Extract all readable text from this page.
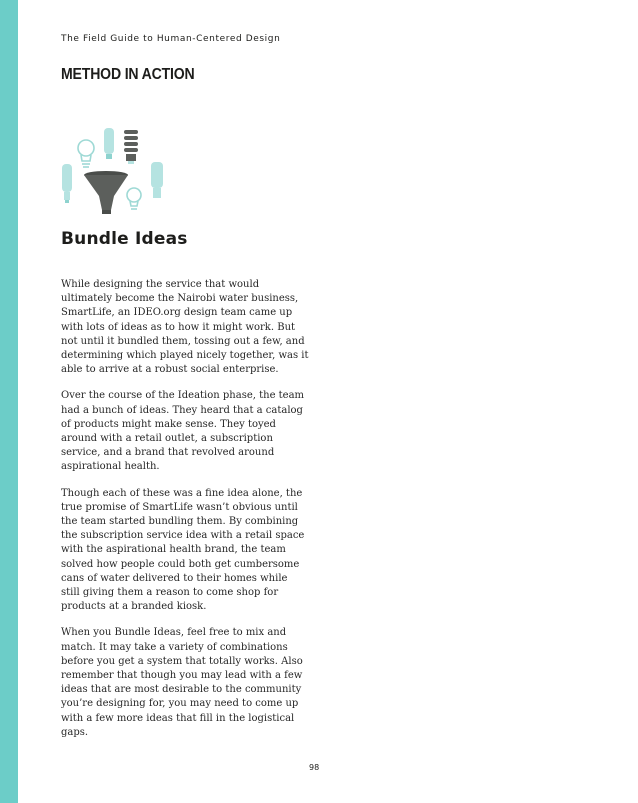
The Field Guide to Human-Centered Design
METHOD IN ACTION
Bundle Ideas

While designing the service that would ultimately become the Nairobi water business, SmartLife, an IDEO.org design team came up with lots of ideas as to how it might work. But not until it bundled them, tossing out a few, and determining which played nicely together, was it able to arrive at a robust social enterprise.

Over the course of the Ideation phase, the team had a bunch of ideas. They heard that a catalog of products might make sense. They toyed around with a retail outlet, a subscription service, and a brand that revolved around aspirational health.

Though each of these was a fine idea alone, the true promise of SmartLife wasn’t obvious until the team started bundling them. By combining the subscription service idea with a retail space with the aspirational health brand, the team solved how people could both get cumbersome cans of water delivered to their homes while still giving them a reason to come shop for products at a branded kiosk.

When you Bundle Ideas, feel free to mix and match. It may take a variety of combinations before you get a system that totally works. Also remember that though you may lead with a few ideas that are most desirable to the community you’re designing for, you may need to come up with a few more ideas that fill in the logistical gaps.

98
